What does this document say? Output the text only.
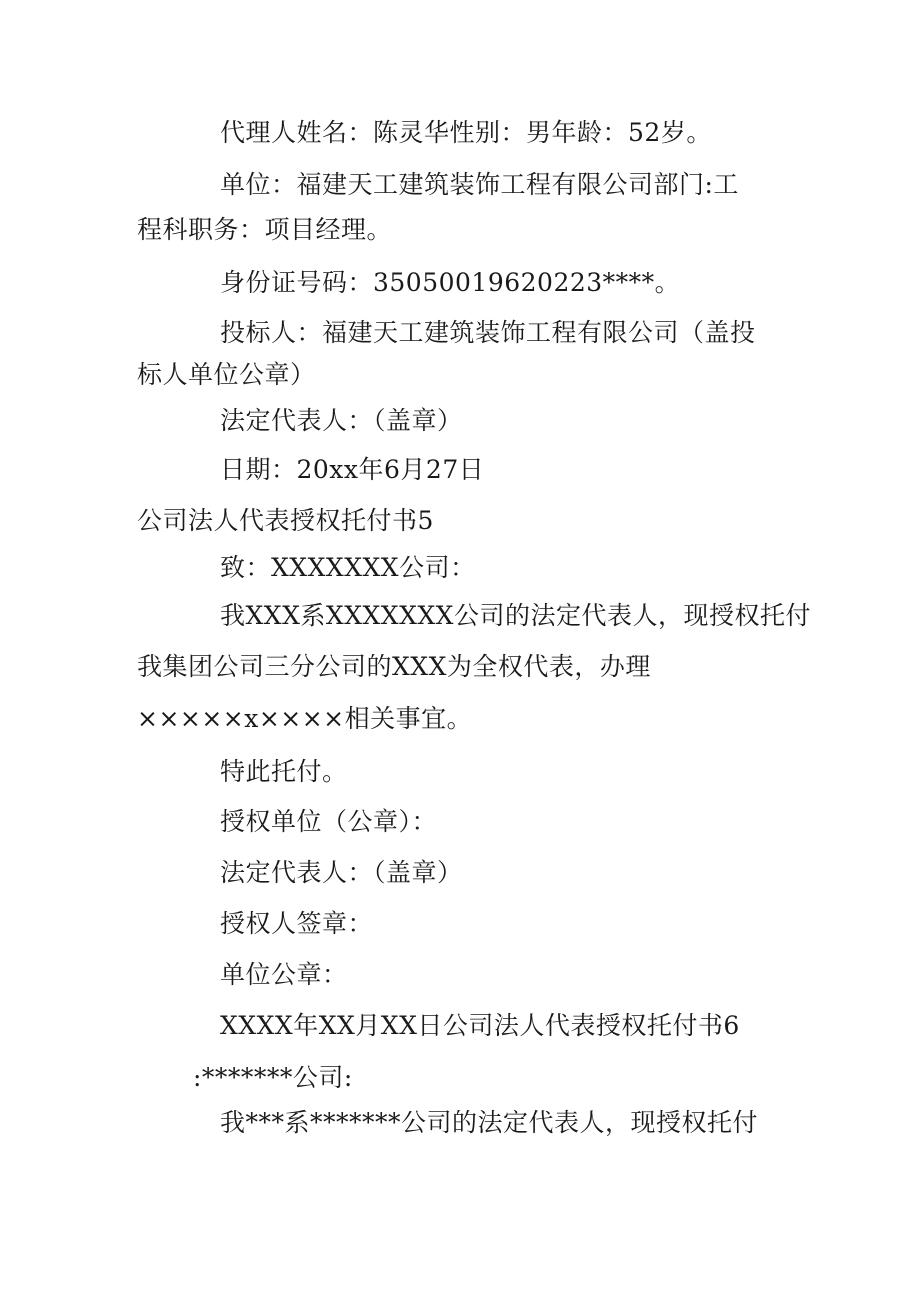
代理人姓名：陈灵华性别：男年龄：52岁。
单位：福建天工建筑装饰工程有限公司部门:工
程科职务：项目经理。
身份证号码：35050019620223****。
投标人：福建天工建筑装饰工程有限公司（盖投
标人单位公章）
法定代表人：（盖章）
日期：20xx年6月27日
公司法人代表授权托付书5
致：XXXXXXX公司：
我XXX系XXXXXXX公司的法定代表人，现授权托付
我集团公司三分公司的XXX为全权代表，办理
×××××x××××相关事宜。
特此托付。
授权单位（公章）：
法定代表人：（盖章）
授权人签章：
单位公章：
XXXX年XX月XX日公司法人代表授权托付书6
:*******公司:
我***系*******公司的法定代表人，现授权托付
